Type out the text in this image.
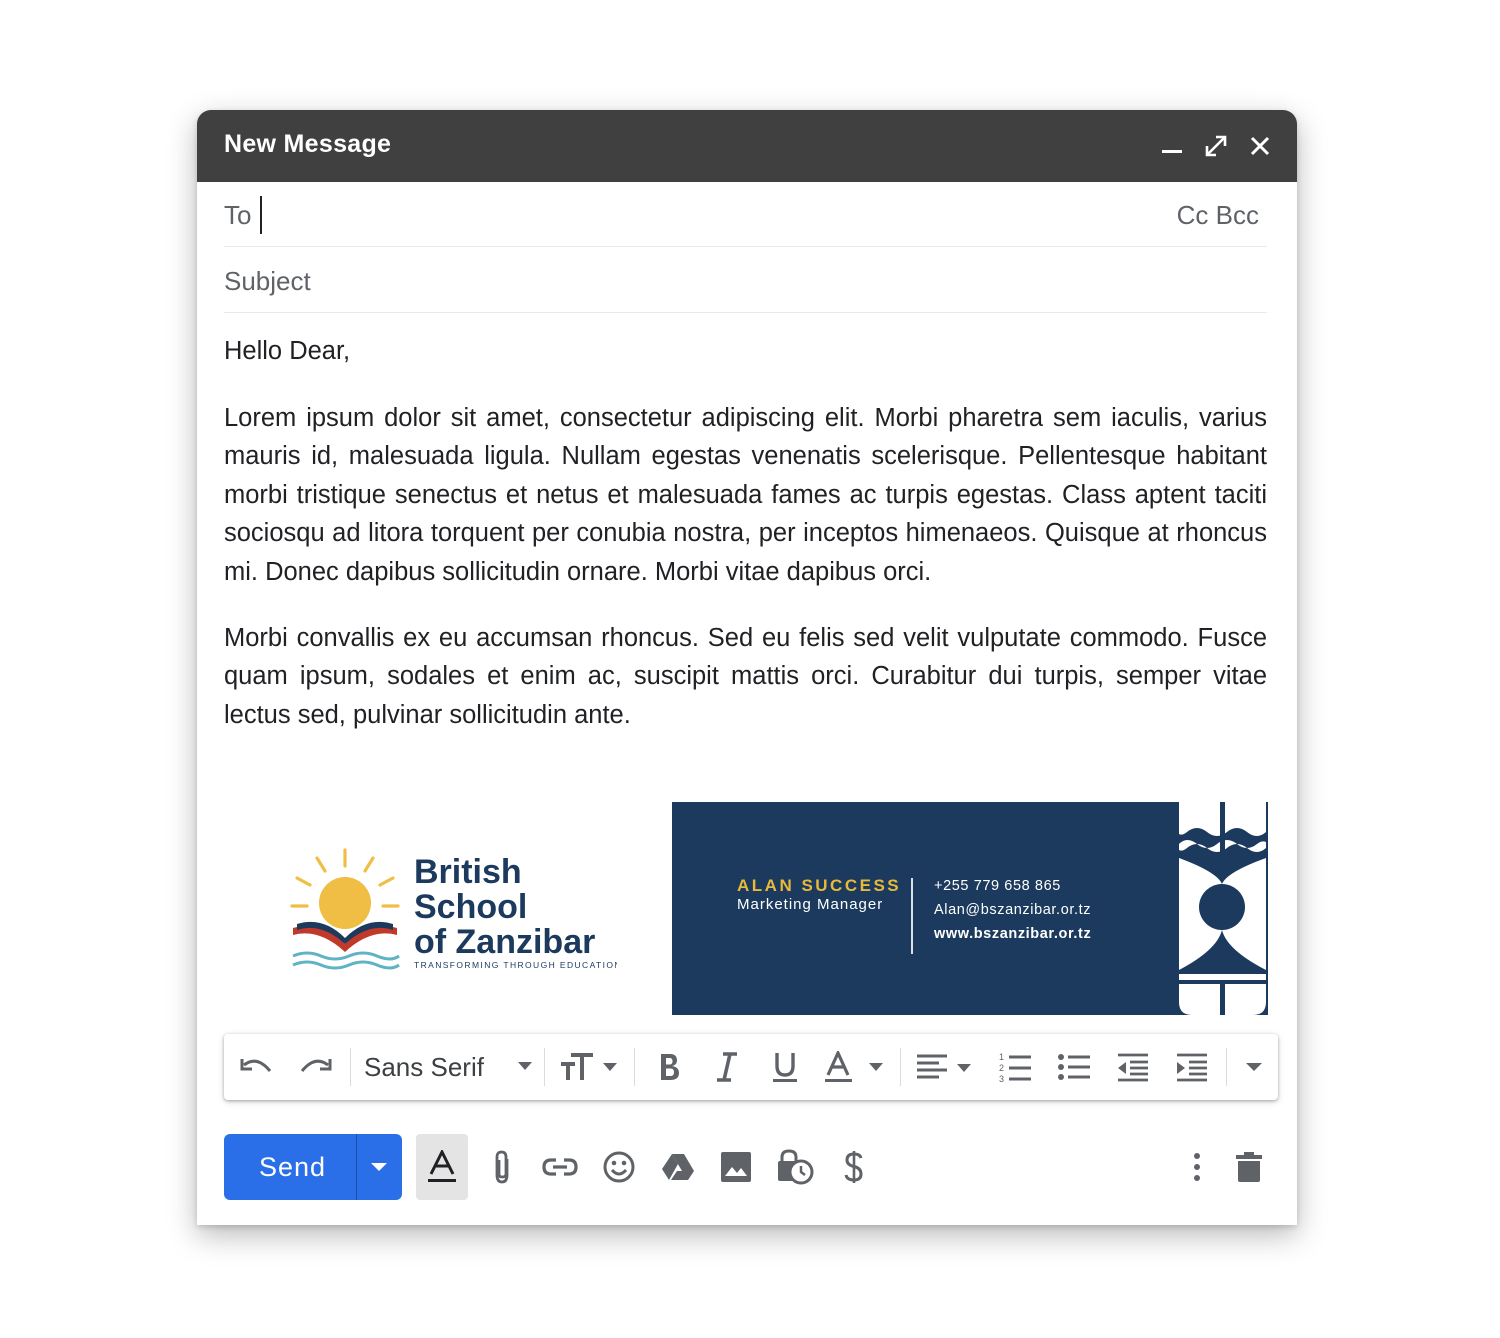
New Message
To	Cc Bcc
Subject

Hello Dear,

Lorem ipsum dolor sit amet, consectetur adipiscing elit. Morbi pharetra sem iaculis, varius mauris id, malesuada ligula. Nullam egestas venenatis scelerisque. Pellentesque habitant morbi tristique senectus et netus et malesuada fames ac turpis egestas. Class aptent taciti sociosqu ad litora torquent per conubia nostra, per inceptos himenaeos. Quisque at rhoncus mi. Donec dapibus sollicitudin ornare. Morbi vitae dapibus orci.

Morbi convallis ex eu accumsan rhoncus. Sed eu felis sed velit vulputate commodo. Fusce quam ipsum, sodales et enim ac, suscipit mattis orci. Curabitur dui turpis, semper vitae lectus sed, pulvinar sollicitudin ante.

British
School
of Zanzibar
TRANSFORMING THROUGH EDUCATION
ALAN SUCCESS
Marketing Manager
+255 779 658 865
Alan@bszanzibar.or.tz
www.bszanzibar.or.tz
Sans Serif	1
2
3
Send
